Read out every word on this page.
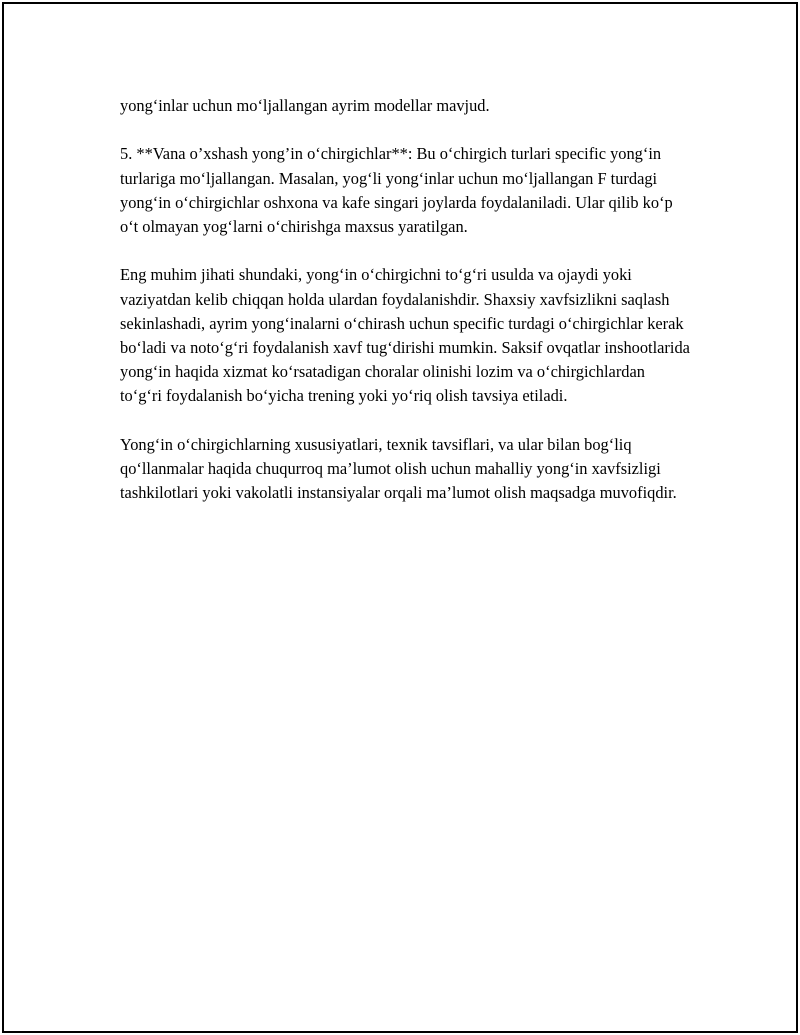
yong‘inlar uchun mo‘ljallangan ayrim modellar mavjud.

5. **Vana o’xshash yong’in o‘chirgichlar**: Bu o‘chirgich turlari specific yong‘in turlariga mo‘ljallangan. Masalan, yog‘li yong‘inlar uchun mo‘ljallangan F turdagi yong‘in o‘chirgichlar oshxona va kafe singari joylarda foydalaniladi. Ular qilib ko‘p o‘t olmayan yog‘larni o‘chirishga maxsus yaratilgan.

Eng muhim jihati shundaki, yong‘in o‘chirgichni to‘g‘ri usulda va ojaydi yoki vaziyatdan kelib chiqqan holda ulardan foydalanishdir. Shaxsiy xavfsizlikni saqlash sekinlashadi, ayrim yong‘inalarni o‘chirash uchun specific turdagi o‘chirgichlar kerak bo‘ladi va noto‘g‘ri foydalanish xavf tug‘dirishi mumkin. Saksif ovqatlar inshootlarida yong‘in haqida xizmat ko‘rsatadigan choralar olinishi lozim va o‘chirgichlardan to‘g‘ri foydalanish bo‘yicha trening yoki yo‘riq olish tavsiya etiladi.

Yong‘in o‘chirgichlarning xususiyatlari, texnik tavsiflari, va ular bilan bog‘liq qo‘llanmalar haqida chuqurroq ma’lumot olish uchun mahalliy yong‘in xavfsizligi tashkilotlari yoki vakolatli instansiyalar orqali ma’lumot olish maqsadga muvofiqdir.
